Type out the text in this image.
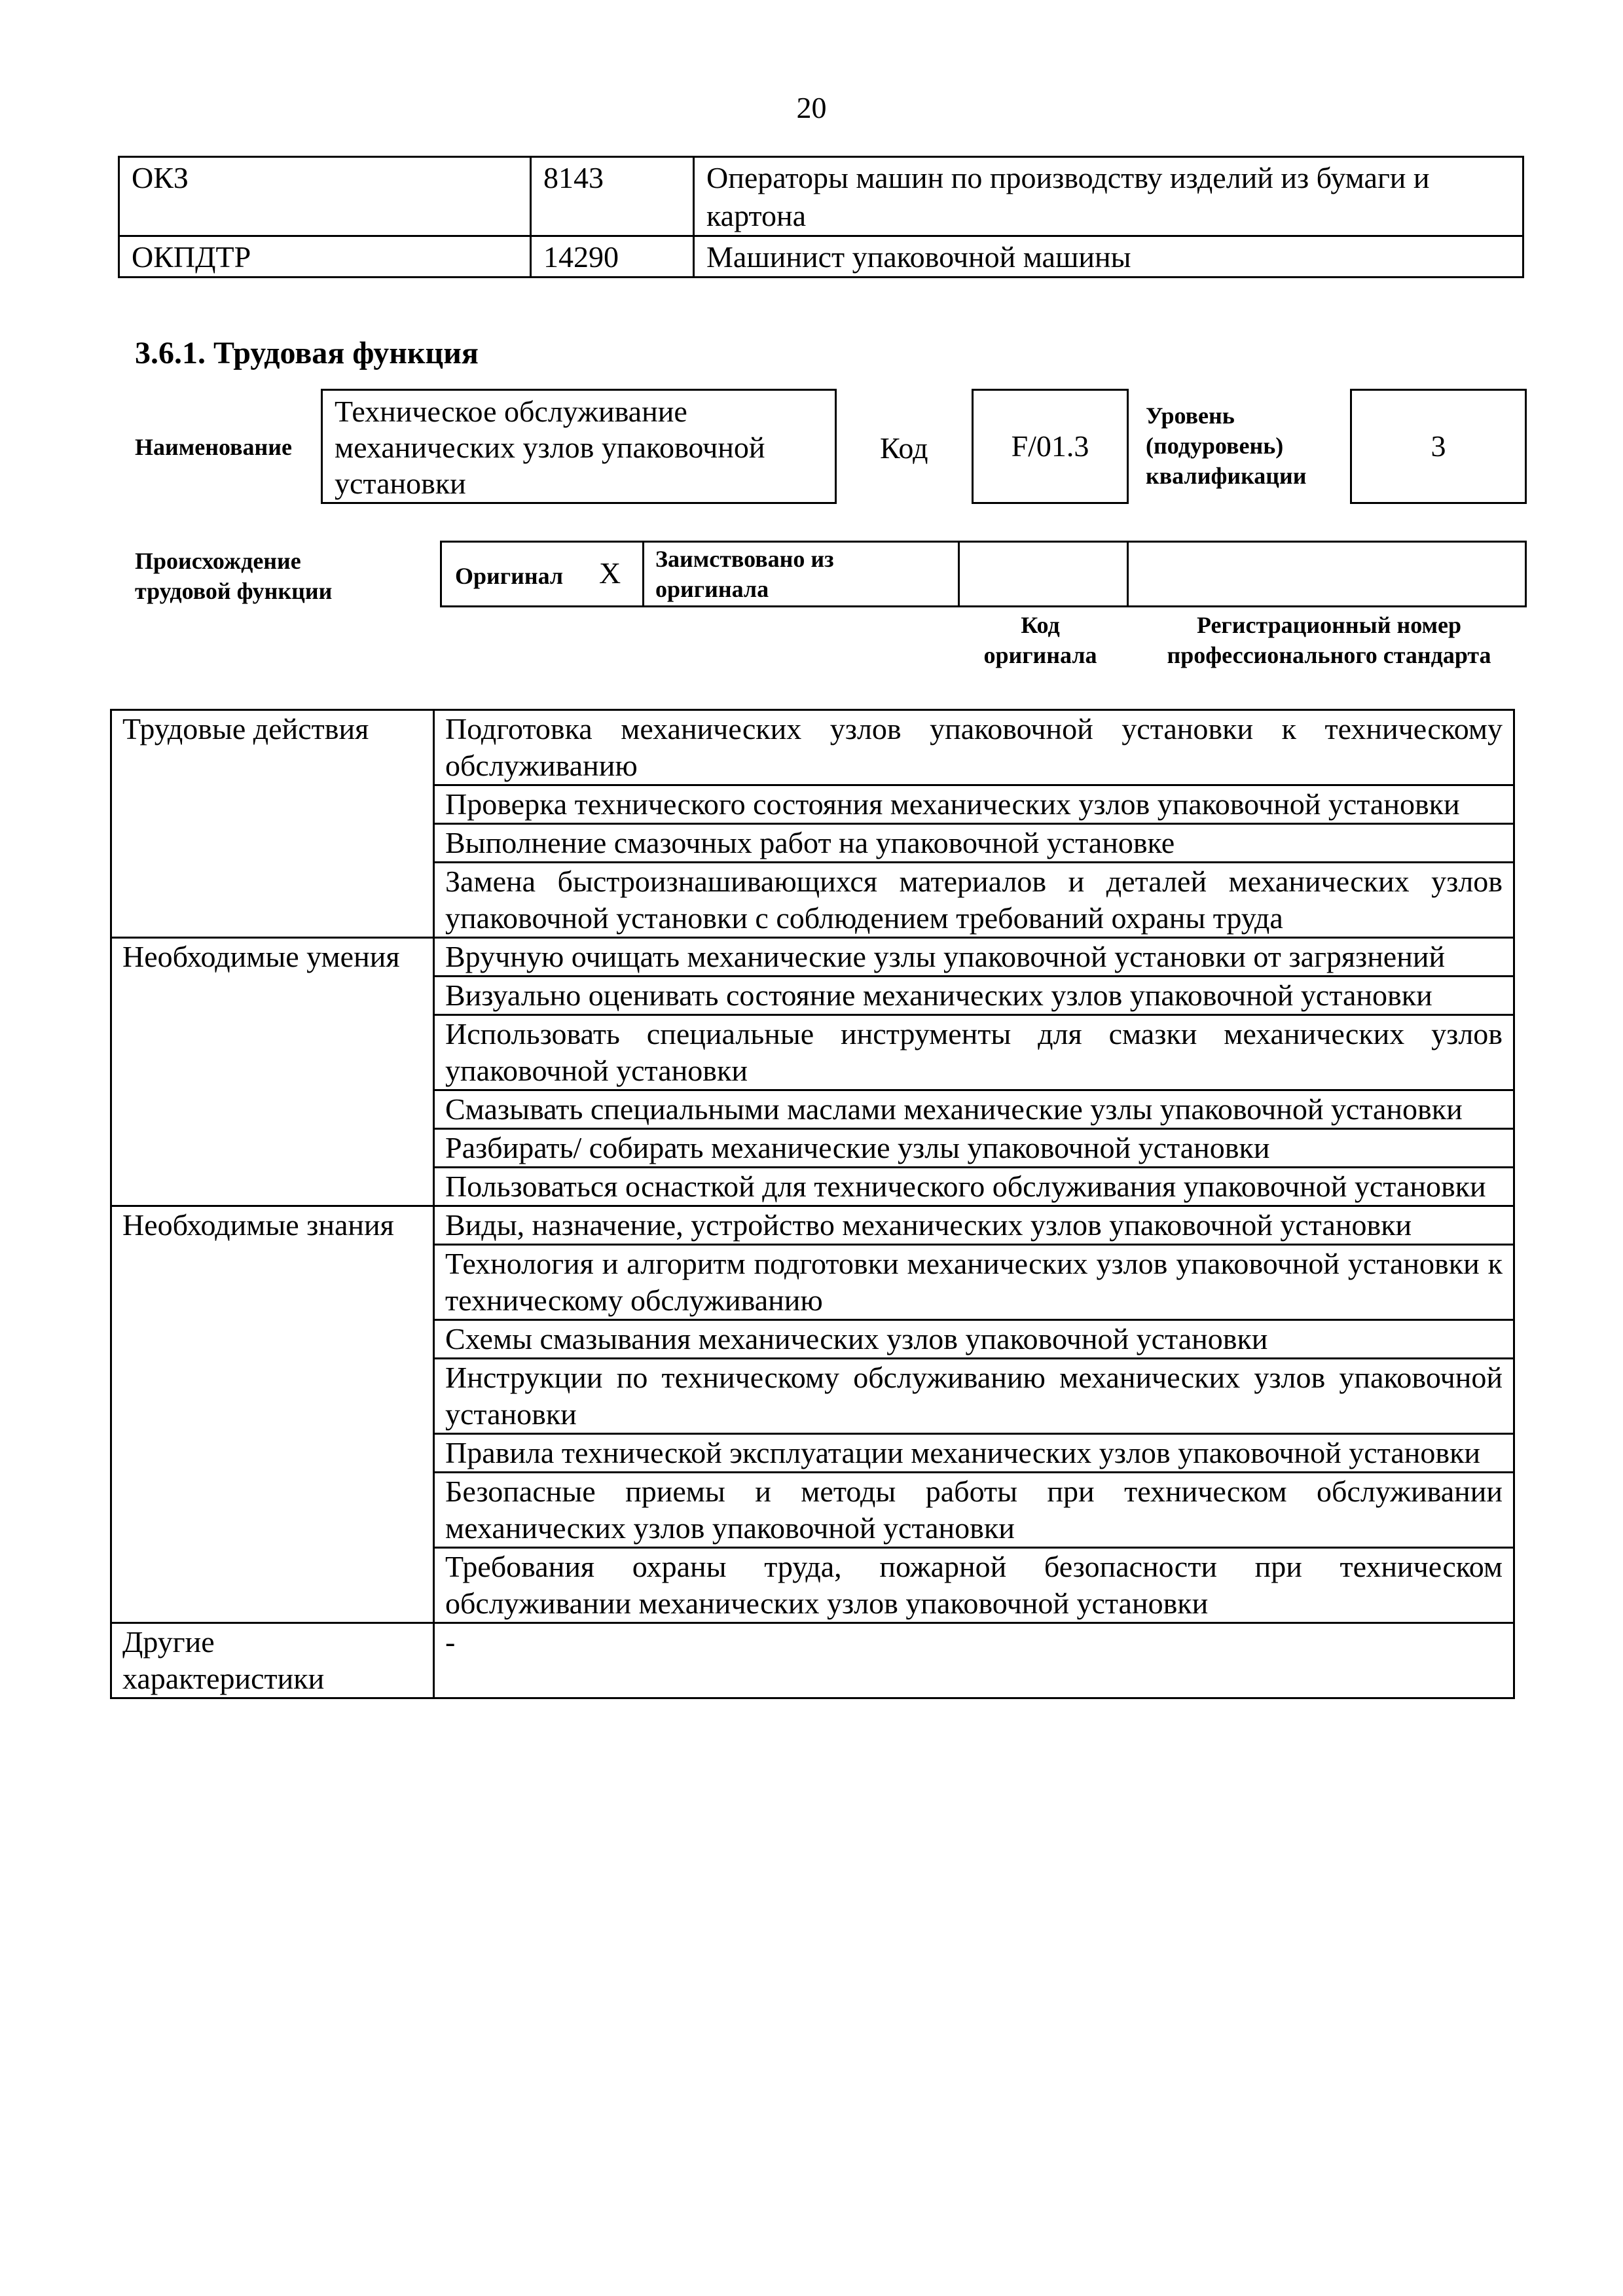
20
ОКЗ	8143	Операторы машин по производству изделий из бумаги и картона
ОКПДТР	14290	Машинист упаковочной машины
3.6.1. Трудовая функция
Наименование
Техническое обслуживание механических узлов упаковочной установки
Код	F/01.3
Уровень (подуровень) квалификации
3
Происхождение трудовой функции
Оригинал X Заимствовано из оригинала
Код оригинала
Регистрационный номер профессионального стандарта
Трудовые действия	Подготовка механических узлов упаковочной установки к техническому обслуживанию
	Проверка технического состояния механических узлов упаковочной установки
	Выполнение смазочных работ на упаковочной установке
	Замена быстроизнашивающихся материалов и деталей механических узлов упаковочной установки с соблюдением требований охраны труда
Необходимые умения	Вручную очищать механические узлы упаковочной установки от загрязнений
	Визуально оценивать состояние механических узлов упаковочной установки
	Использовать специальные инструменты для смазки механических узлов упаковочной установки
	Смазывать специальными маслами механические узлы упаковочной установки
	Разбирать/ собирать механические узлы упаковочной установки
	Пользоваться оснасткой для технического обслуживания упаковочной установки
Необходимые знания	Виды, назначение, устройство механических узлов упаковочной установки
	Технология и алгоритм подготовки механических узлов упаковочной установки к техническому обслуживанию
	Схемы смазывания механических узлов упаковочной установки
	Инструкции по техническому обслуживанию механических узлов упаковочной установки
	Правила технической эксплуатации механических узлов упаковочной установки
	Безопасные приемы и методы работы при техническом обслуживании механических узлов упаковочной установки
	Требования охраны труда, пожарной безопасности при техническом обслуживании механических узлов упаковочной установки
Другие характеристики	-
